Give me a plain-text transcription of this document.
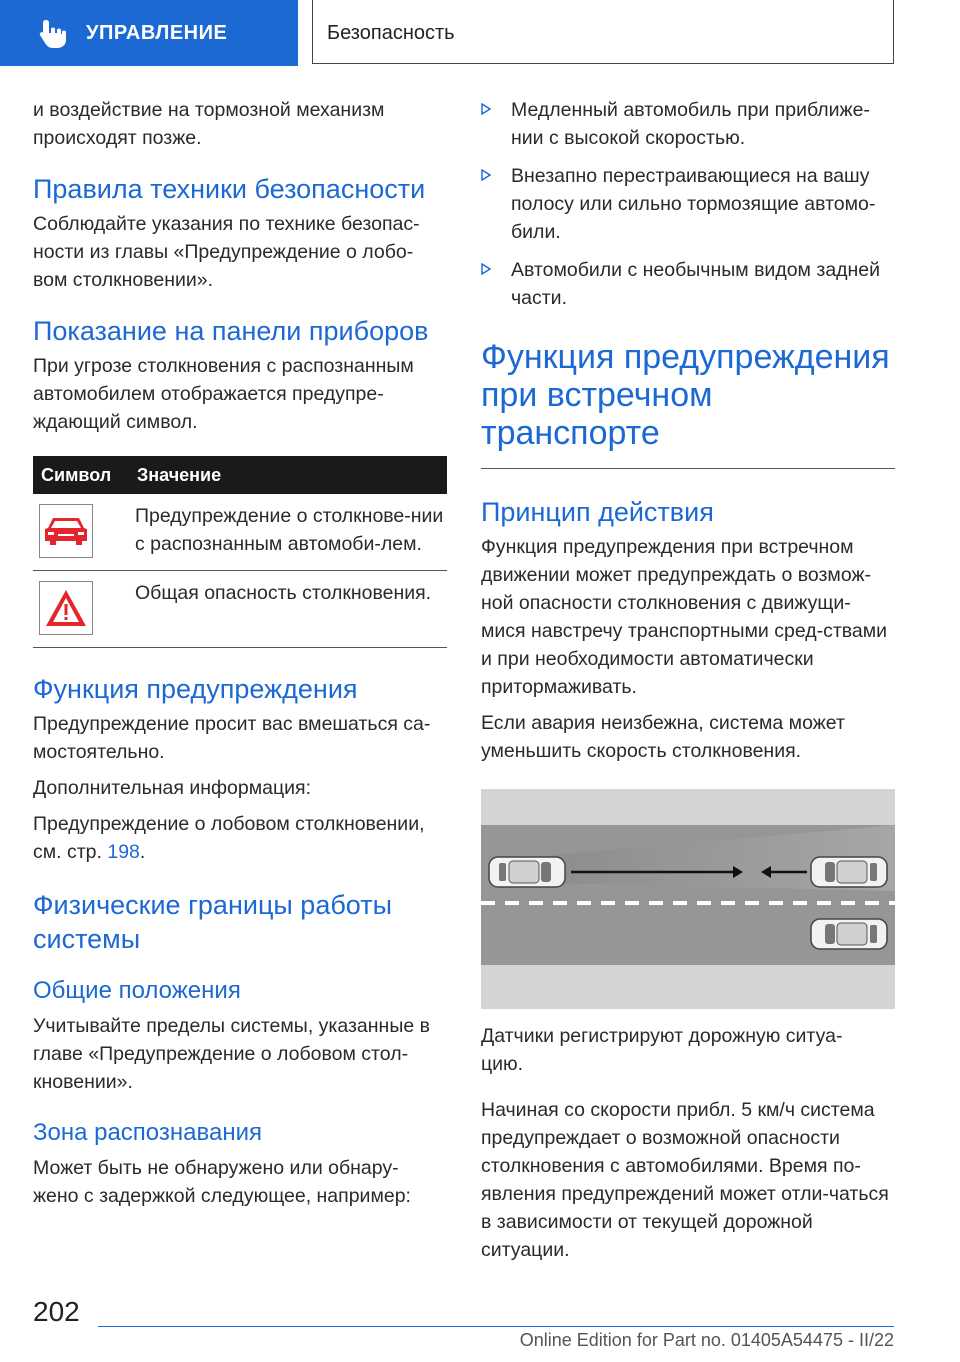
УПРАВЛЕНИЕ	Безопасность

и воздействие на тормозной механизм происходят позже.

Правила техники безопасности

Соблюдайте указания по технике безопас-ности из главы «Предупреждение о лобо-вом столкновении».

Показание на панели приборов

При угрозе столкновения с распознанным автомобилем отображается предупре-ждающий символ.

Символ	Значение

	Предупреждение о столкнове-нии с распознанным автомоби-лем.

	Общая опасность столкновения.
Функция предупреждения

Предупреждение просит вас вмешаться са-мостоятельно.

Дополнительная информация:

Предупреждение о лобовом столкновении, см. стр. 198.

Физические границы работы системы
Общие положения

Учитывайте пределы системы, указанные в главе «Предупреждение о лобовом стол-кновении».

Зона распознавания

Может быть не обнаружено или обнару-жено с задержкой следующее, например:

Медленный автомобиль при приближе-нии с высокой скоростью.
Внезапно перестраивающиеся на вашу полосу или сильно тормозящие автомо-били.
Автомобили с необычным видом задней части.
Функция предупреждения при встречном транспорте
Принцип действия

Функция предупреждения при встречном движении может предупреждать о возмож-ной опасности столкновения с движущи-мися навстречу транспортными сред-ствами и при необходимости автоматически притормаживать.

Если авария неизбежна, система может уменьшить скорость столкновения.

Датчики регистрируют дорожную ситуа-цию.

Начиная со скорости прибл. 5 км/ч система предупреждает о возможной опасности столкновения с автомобилями. Время по-явления предупреждений может отли-чаться в зависимости от текущей дорожной ситуации.

202
Online Edition for Part no. 01405A54475 - II/22
